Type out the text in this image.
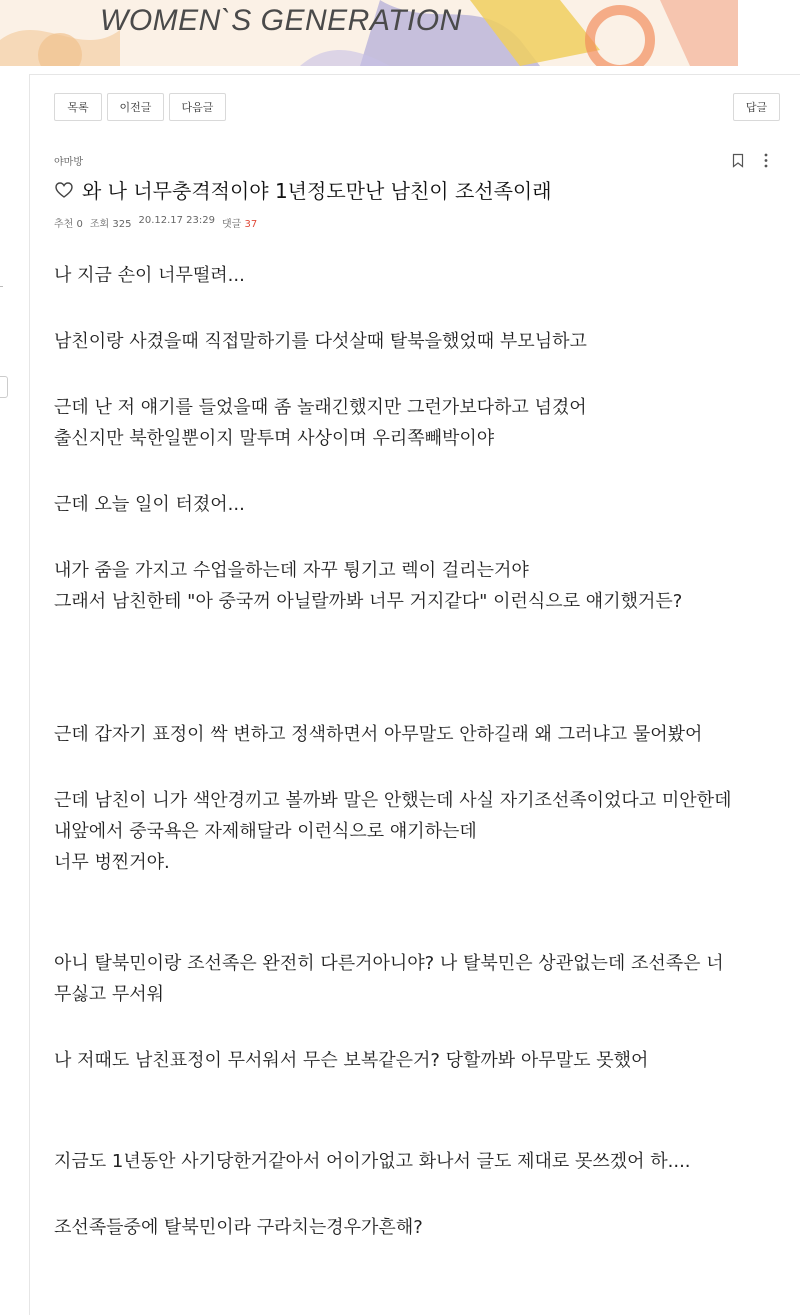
WOMEN`S GENERATION
목록	이전글	다음글	답글
야마방
와 나 너무충격적이야 1년정도만난 남친이 조선족이래
추천 0 조회 325 20.12.17 23:29 댓글 37

나 지금 손이 너무떨려...

남친이랑 사겼을때 직접말하기를 다섯살때 탈북을했었때 부모님하고

근데 난 저 얘기를 들었을때 좀 놀래긴했지만 그런가보다하고 넘겼어

출신지만 북한일뿐이지 말투며 사상이며 우리쪽빼박이야

근데 오늘 일이 터졌어...

내가 줌을 가지고 수업을하는데 자꾸 튕기고 렉이 걸리는거야

그래서 남친한테 "아 중국꺼 아닐랄까봐 너무 거지같다" 이런식으로 얘기했거든?

근데 갑자기 표정이 싹 변하고 정색하면서 아무말도 안하길래 왜 그러냐고 물어봤어

근데 남친이 니가 색안경끼고 볼까봐 말은 안했는데 사실 자기조선족이었다고 미안한데

내앞에서 중국욕은 자제해달라 이런식으로 얘기하는데

너무 벙찐거야.

아니 탈북민이랑 조선족은 완전히 다른거아니야? 나 탈북민은 상관없는데 조선족은 너

무싫고 무서워

나 저때도 남친표정이 무서워서 무슨 보복같은거? 당할까봐 아무말도 못했어

지금도 1년동안 사기당한거같아서 어이가없고 화나서 글도 제대로 못쓰겠어 하....

조선족들중에 탈북민이라 구라치는경우가흔해?
